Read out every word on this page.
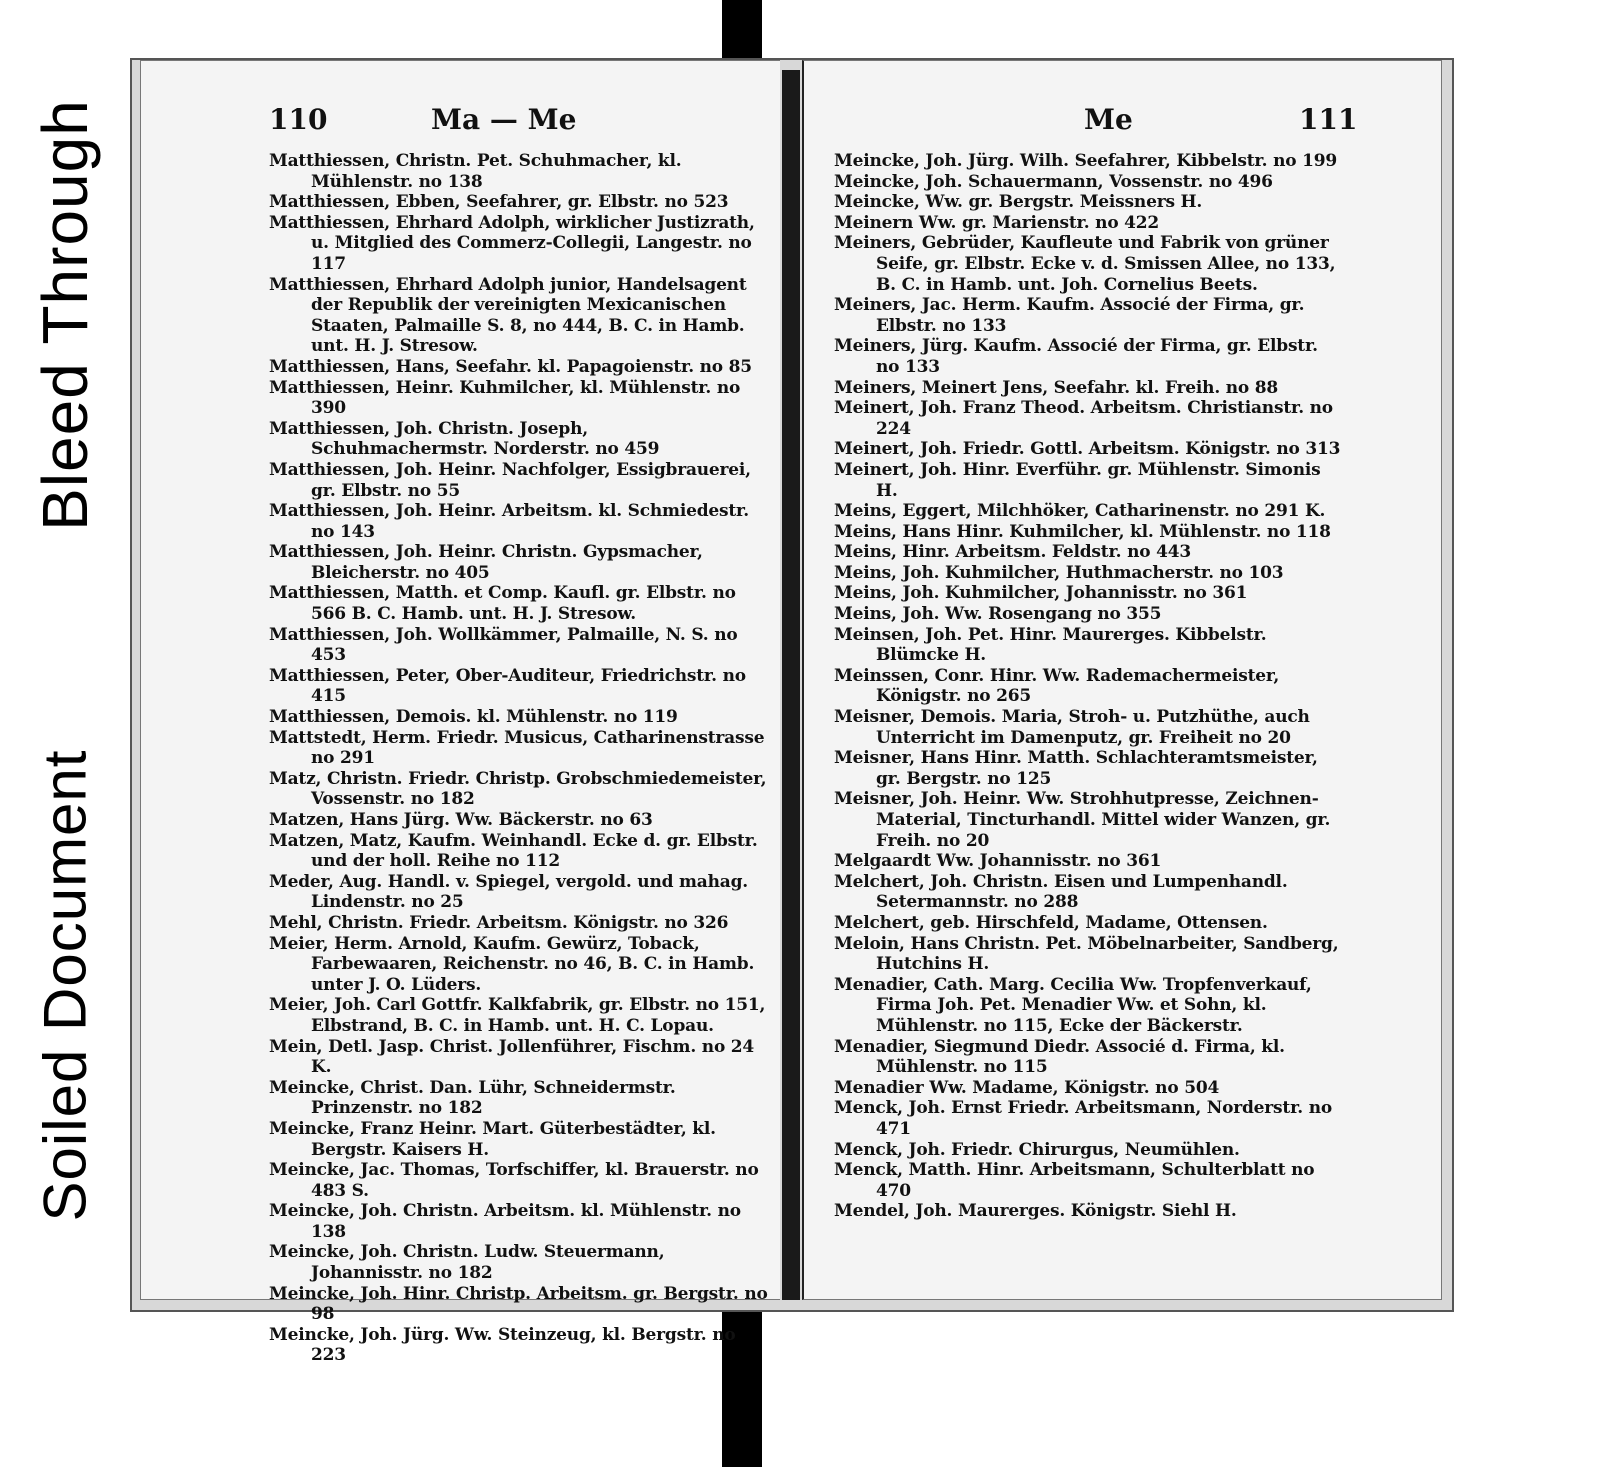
Bleed Through
Soiled Document
110	Ma — Me

Matthiessen, Christn. Pet. Schuhmacher, kl. Mühlenstr. no 138

Matthiessen, Ebben, Seefahrer, gr. Elbstr. no 523

Matthiessen, Ehrhard Adolph, wirklicher Justizrath, u. Mitglied des Commerz-Collegii, Langestr. no 117

Matthiessen, Ehrhard Adolph junior, Handelsagent der Republik der vereinigten Mexicanischen Staaten, Palmaille S. 8, no 444, B. C. in Hamb. unt. H. J. Stresow.

Matthiessen, Hans, Seefahr. kl. Papagoienstr. no 85

Matthiessen, Heinr. Kuhmilcher, kl. Mühlenstr. no 390

Matthiessen, Joh. Christn. Joseph, Schuhmachermstr. Norderstr. no 459

Matthiessen, Joh. Heinr. Nachfolger, Essigbrauerei, gr. Elbstr. no 55

Matthiessen, Joh. Heinr. Arbeitsm. kl. Schmiedestr. no 143

Matthiessen, Joh. Heinr. Christn. Gypsmacher, Bleicherstr. no 405

Matthiessen, Matth. et Comp. Kaufl. gr. Elbstr. no 566 B. C. Hamb. unt. H. J. Stresow.

Matthiessen, Joh. Wollkämmer, Palmaille, N. S. no 453

Matthiessen, Peter, Ober-Auditeur, Friedrichstr. no 415

Matthiessen, Demois. kl. Mühlenstr. no 119

Mattstedt, Herm. Friedr. Musicus, Catharinenstrasse no 291

Matz, Christn. Friedr. Christp. Grobschmiedemeister, Vossenstr. no 182

Matzen, Hans Jürg. Ww. Bäckerstr. no 63

Matzen, Matz, Kaufm. Weinhandl. Ecke d. gr. Elbstr. und der holl. Reihe no 112

Meder, Aug. Handl. v. Spiegel, vergold. und mahag. Lindenstr. no 25

Mehl, Christn. Friedr. Arbeitsm. Königstr. no 326

Meier, Herm. Arnold, Kaufm. Gewürz, Toback, Farbewaaren, Reichenstr. no 46, B. C. in Hamb. unter J. O. Lüders.

Meier, Joh. Carl Gottfr. Kalkfabrik, gr. Elbstr. no 151, Elbstrand, B. C. in Hamb. unt. H. C. Lopau.

Mein, Detl. Jasp. Christ. Jollenführer, Fischm. no 24 K.

Meincke, Christ. Dan. Lühr, Schneidermstr. Prinzenstr. no 182

Meincke, Franz Heinr. Mart. Güterbestädter, kl. Bergstr. Kaisers H.

Meincke, Jac. Thomas, Torfschiffer, kl. Brauerstr. no 483 S.

Meincke, Joh. Christn. Arbeitsm. kl. Mühlenstr. no 138

Meincke, Joh. Christn. Ludw. Steuermann, Johannisstr. no 182

Meincke, Joh. Hinr. Christp. Arbeitsm. gr. Bergstr. no 98

Meincke, Joh. Jürg. Ww. Steinzeug, kl. Bergstr. no 223

Me	111

Meincke, Joh. Jürg. Wilh. Seefahrer, Kibbelstr. no 199

Meincke, Joh. Schauermann, Vossenstr. no 496

Meincke, Ww. gr. Bergstr. Meissners H.

Meinern Ww. gr. Marienstr. no 422

Meiners, Gebrüder, Kaufleute und Fabrik von grüner Seife, gr. Elbstr. Ecke v. d. Smissen Allee, no 133, B. C. in Hamb. unt. Joh. Cornelius Beets.

Meiners, Jac. Herm. Kaufm. Associé der Firma, gr. Elbstr. no 133

Meiners, Jürg. Kaufm. Associé der Firma, gr. Elbstr. no 133

Meiners, Meinert Jens, Seefahr. kl. Freih. no 88

Meinert, Joh. Franz Theod. Arbeitsm. Christianstr. no 224

Meinert, Joh. Friedr. Gottl. Arbeitsm. Königstr. no 313

Meinert, Joh. Hinr. Everführ. gr. Mühlenstr. Simonis H.

Meins, Eggert, Milchhöker, Catharinenstr. no 291 K.

Meins, Hans Hinr. Kuhmilcher, kl. Mühlenstr. no 118

Meins, Hinr. Arbeitsm. Feldstr. no 443

Meins, Joh. Kuhmilcher, Huthmacherstr. no 103

Meins, Joh. Kuhmilcher, Johannisstr. no 361

Meins, Joh. Ww. Rosengang no 355

Meinsen, Joh. Pet. Hinr. Maurerges. Kibbelstr. Blümcke H.

Meinssen, Conr. Hinr. Ww. Rademachermeister, Königstr. no 265

Meisner, Demois. Maria, Stroh- u. Putzhüthe, auch Unterricht im Damenputz, gr. Freiheit no 20

Meisner, Hans Hinr. Matth. Schlachteramtsmeister, gr. Bergstr. no 125

Meisner, Joh. Heinr. Ww. Strohhutpresse, Zeichnen-Material, Tincturhandl. Mittel wider Wanzen, gr. Freih. no 20

Melgaardt Ww. Johannisstr. no 361

Melchert, Joh. Christn. Eisen und Lumpenhandl. Setermannstr. no 288

Melchert, geb. Hirschfeld, Madame, Ottensen.

Meloin, Hans Christn. Pet. Möbelnarbeiter, Sandberg, Hutchins H.

Menadier, Cath. Marg. Cecilia Ww. Tropfenverkauf, Firma Joh. Pet. Menadier Ww. et Sohn, kl. Mühlenstr. no 115, Ecke der Bäckerstr.

Menadier, Siegmund Diedr. Associé d. Firma, kl. Mühlenstr. no 115

Menadier Ww. Madame, Königstr. no 504

Menck, Joh. Ernst Friedr. Arbeitsmann, Norderstr. no 471

Menck, Joh. Friedr. Chirurgus, Neumühlen.

Menck, Matth. Hinr. Arbeitsmann, Schulterblatt no 470

Mendel, Joh. Maurerges. Königstr. Siehl H.
